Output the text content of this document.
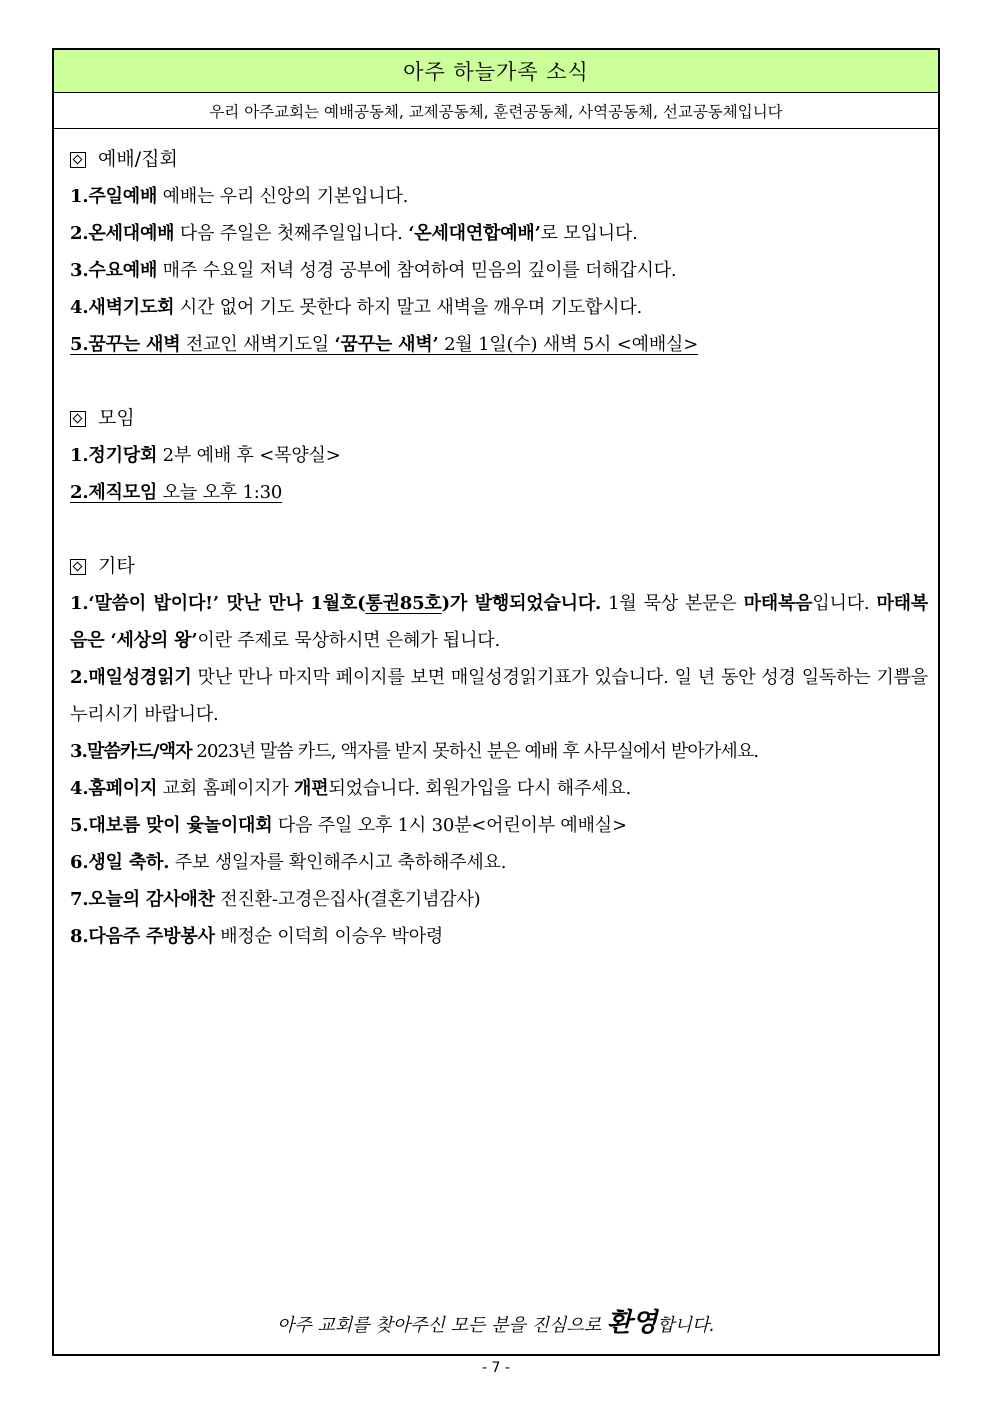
아주 하늘가족 소식
우리 아주교회는 예배공동체, 교제공동체, 훈련공동체, 사역공동체, 선교공동체입니다
예배/집회
1.주일예배 예배는 우리 신앙의 기본입니다.
2.온세대예배 다음 주일은 첫째주일입니다. ‘온세대연합예배’로 모입니다.
3.수요예배 매주 수요일 저녁 성경 공부에 참여하여 믿음의 깊이를 더해갑시다.
4.새벽기도회 시간 없어 기도 못한다 하지 말고 새벽을 깨우며 기도합시다.
5.꿈꾸는 새벽 전교인 새벽기도일 ‘꿈꾸는 새벽’ 2월 1일(수) 새벽 5시 <예배실>
모임
1.정기당회 2부 예배 후 <목양실>
2.제직모임 오늘 오후 1:30
기타
1.‘말씀이 밥이다!’ 맛난 만나 1월호(통권85호)가 발행되었습니다. 1월 묵상 본문은 마태복음입니다. 마태복음은 ‘세상의 왕’이란 주제로 묵상하시면 은혜가 됩니다.
2.매일성경읽기 맛난 만나 마지막 페이지를 보면 매일성경읽기표가 있습니다. 일 년 동안 성경 일독하는 기쁨을 누리시기 바랍니다.
3.말씀카드/액자 2023년 말씀 카드, 액자를 받지 못하신 분은 예배 후 사무실에서 받아가세요.
4.홈페이지 교회 홈페이지가 개편되었습니다. 회원가입을 다시 해주세요.
5.대보름 맞이 윷놀이대회 다음 주일 오후 1시 30분<어린이부 예배실>
6.생일 축하. 주보 생일자를 확인해주시고 축하해주세요.
7.오늘의 감사애찬 전진환-고경은집사(결혼기념감사)
8.다음주 주방봉사 배정순 이덕희 이승우 박아령
아주 교회를 찾아주신 모든 분을 진심으로 환영합니다.
- 7 -
